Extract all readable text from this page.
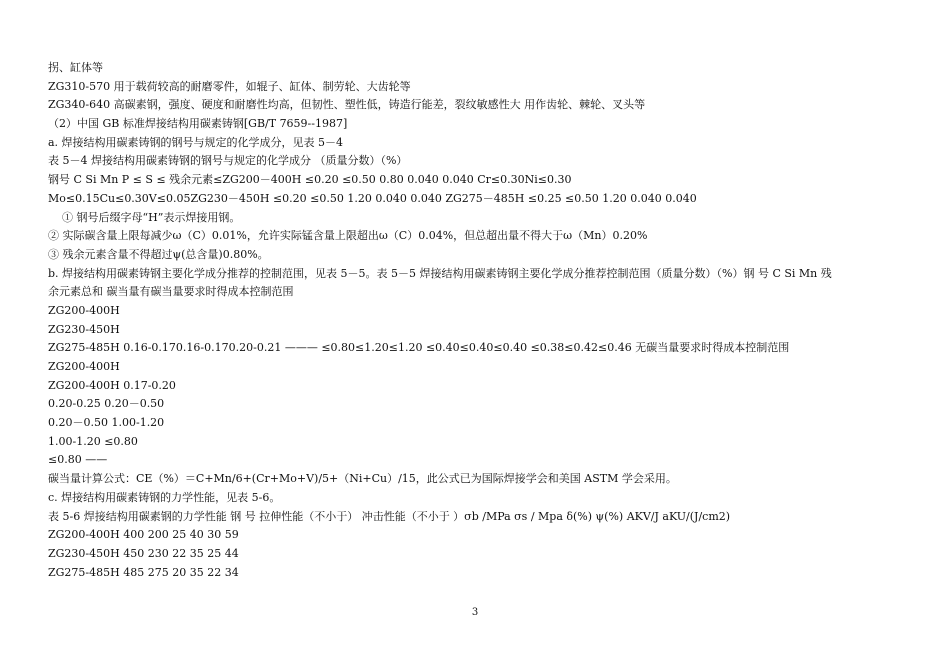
拐、缸体等
ZG310-570 用于载荷较高的耐磨零件，如辊子、缸体、制劳轮、大齿轮等
ZG340-640 高碳素钢，强度、硬度和耐磨性均高，但韧性、塑性低，铸造行能差，裂纹敏感性大 用作齿轮、棘轮、叉头等
（2）中国 GB 标准焊接结构用碳素铸钢[GB/T 7659--1987]
a. 焊接结构用碳素铸钢的钢号与规定的化学成分，见表 5－4
表 5－4 焊接结构用碳素铸钢的钢号与规定的化学成分 （质量分数）（%）
钢号 C Si Mn P ≤ S ≤ 残余元素≤ZG200－400H ≤0.20 ≤0.50 0.80 0.040 0.040 Cr≤0.30Ni≤0.30
Mo≤0.15Cu≤0.30V≤0.05ZG230－450H ≤0.20 ≤0.50 1.20 0.040 0.040 ZG275－485H ≤0.25 ≤0.50 1.20 0.040 0.040
① 钢号后缀字母“H”表示焊接用钢。
② 实际碳含量上限每减少ω（C）0.01%，允许实际锰含量上限超出ω（C）0.04%，但总超出量不得大于ω（Mn）0.20%
③ 残余元素含量不得超过ψ(总含量)0.80%。
b. 焊接结构用碳素铸钢主要化学成分推荐的控制范围，见表 5－5。表 5－5 焊接结构用碳素铸钢主要化学成分推荐控制范围（质量分数）（%）钢 号 C Si Mn 残
余元素总和 碳当量有碳当量要求时得成本控制范围
ZG200-400H
ZG230-450H
ZG275-485H 0.16-0.170.16-0.170.20-0.21 ——— ≤0.80≤1.20≤1.20 ≤0.40≤0.40≤0.40 ≤0.38≤0.42≤0.46 无碳当量要求时得成本控制范围
ZG200-400H
ZG200-400H 0.17-0.20
0.20-0.25 0.20－0.50
0.20－0.50 1.00-1.20
1.00-1.20 ≤0.80
≤0.80 ——
碳当量计算公式：CE（%）＝C+Mn/6+(Cr+Mo+V)/5+（Ni+Cu）/15，此公式已为国际焊接学会和美国 ASTM 学会采用。
c. 焊接结构用碳素铸钢的力学性能，见表 5-6。
表 5-6 焊接结构用碳素钢的力学性能 钢 号 拉伸性能（不小于） 冲击性能（不小于 ）σb /MPa σs / Mpa δ(%) ψ(%) AKV/J aKU/(J/cm2)
ZG200-400H 400 200 25 40 30 59
ZG230-450H 450 230 22 35 25 44
ZG275-485H 485 275 20 35 22 34
3
